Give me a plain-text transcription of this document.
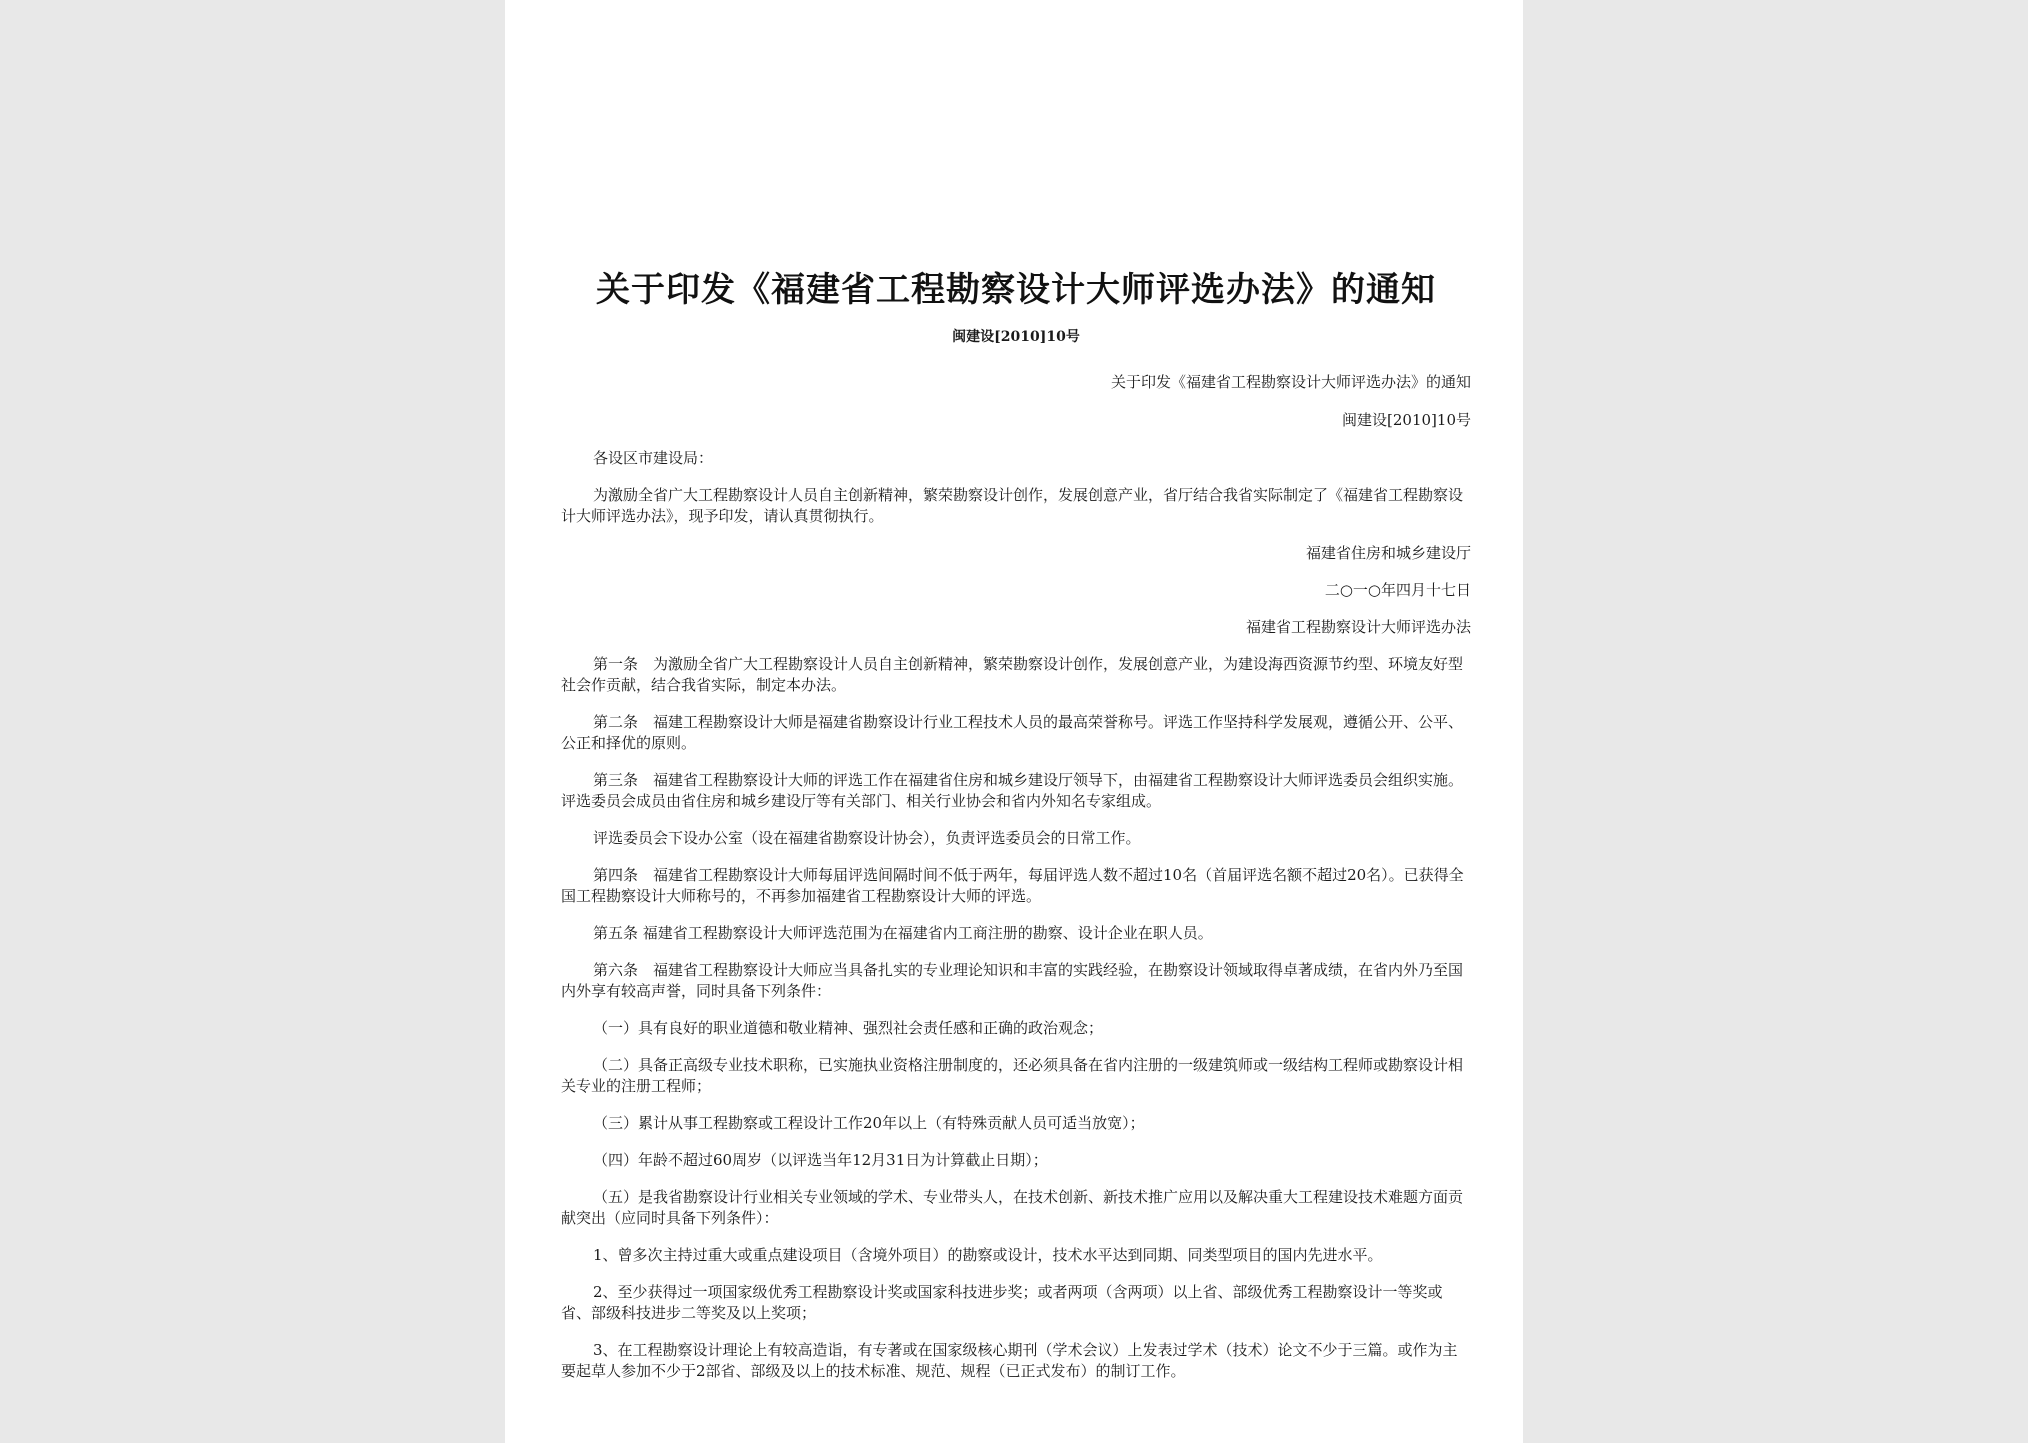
关于印发《福建省工程勘察设计大师评选办法》的通知
闽建设[2010]10号

关于印发《福建省工程勘察设计大师评选办法》的通知

闽建设[2010]10号

各设区市建设局：

为激励全省广大工程勘察设计人员自主创新精神，繁荣勘察设计创作，发展创意产业，省厅结合我省实际制定了《福建省工程勘察设计大师评选办法》，现予印发，请认真贯彻执行。

福建省住房和城乡建设厅

二○一○年四月十七日

福建省工程勘察设计大师评选办法

第一条　为激励全省广大工程勘察设计人员自主创新精神，繁荣勘察设计创作，发展创意产业，为建设海西资源节约型、环境友好型社会作贡献，结合我省实际，制定本办法。

第二条　福建工程勘察设计大师是福建省勘察设计行业工程技术人员的最高荣誉称号。评选工作坚持科学发展观，遵循公开、公平、公正和择优的原则。

第三条　福建省工程勘察设计大师的评选工作在福建省住房和城乡建设厅领导下，由福建省工程勘察设计大师评选委员会组织实施。评选委员会成员由省住房和城乡建设厅等有关部门、相关行业协会和省内外知名专家组成。

评选委员会下设办公室（设在福建省勘察设计协会），负责评选委员会的日常工作。

第四条　福建省工程勘察设计大师每届评选间隔时间不低于两年，每届评选人数不超过10名（首届评选名额不超过20名）。已获得全国工程勘察设计大师称号的，不再参加福建省工程勘察设计大师的评选。

第五条 福建省工程勘察设计大师评选范围为在福建省内工商注册的勘察、设计企业在职人员。

第六条　福建省工程勘察设计大师应当具备扎实的专业理论知识和丰富的实践经验，在勘察设计领域取得卓著成绩，在省内外乃至国内外享有较高声誉，同时具备下列条件：

（一）具有良好的职业道德和敬业精神、强烈社会责任感和正确的政治观念；

（二）具备正高级专业技术职称，已实施执业资格注册制度的，还必须具备在省内注册的一级建筑师或一级结构工程师或勘察设计相关专业的注册工程师；

（三）累计从事工程勘察或工程设计工作20年以上（有特殊贡献人员可适当放宽）；

（四）年龄不超过60周岁（以评选当年12月31日为计算截止日期）；

（五）是我省勘察设计行业相关专业领域的学术、专业带头人，在技术创新、新技术推广应用以及解决重大工程建设技术难题方面贡献突出（应同时具备下列条件）：

1、曾多次主持过重大或重点建设项目（含境外项目）的勘察或设计，技术水平达到同期、同类型项目的国内先进水平。

2、至少获得过一项国家级优秀工程勘察设计奖或国家科技进步奖；或者两项（含两项）以上省、部级优秀工程勘察设计一等奖或省、部级科技进步二等奖及以上奖项；

3、在工程勘察设计理论上有较高造诣，有专著或在国家级核心期刊（学术会议）上发表过学术（技术）论文不少于三篇。或作为主要起草人参加不少于2部省、部级及以上的技术标准、规范、规程（已正式发布）的制订工作。
